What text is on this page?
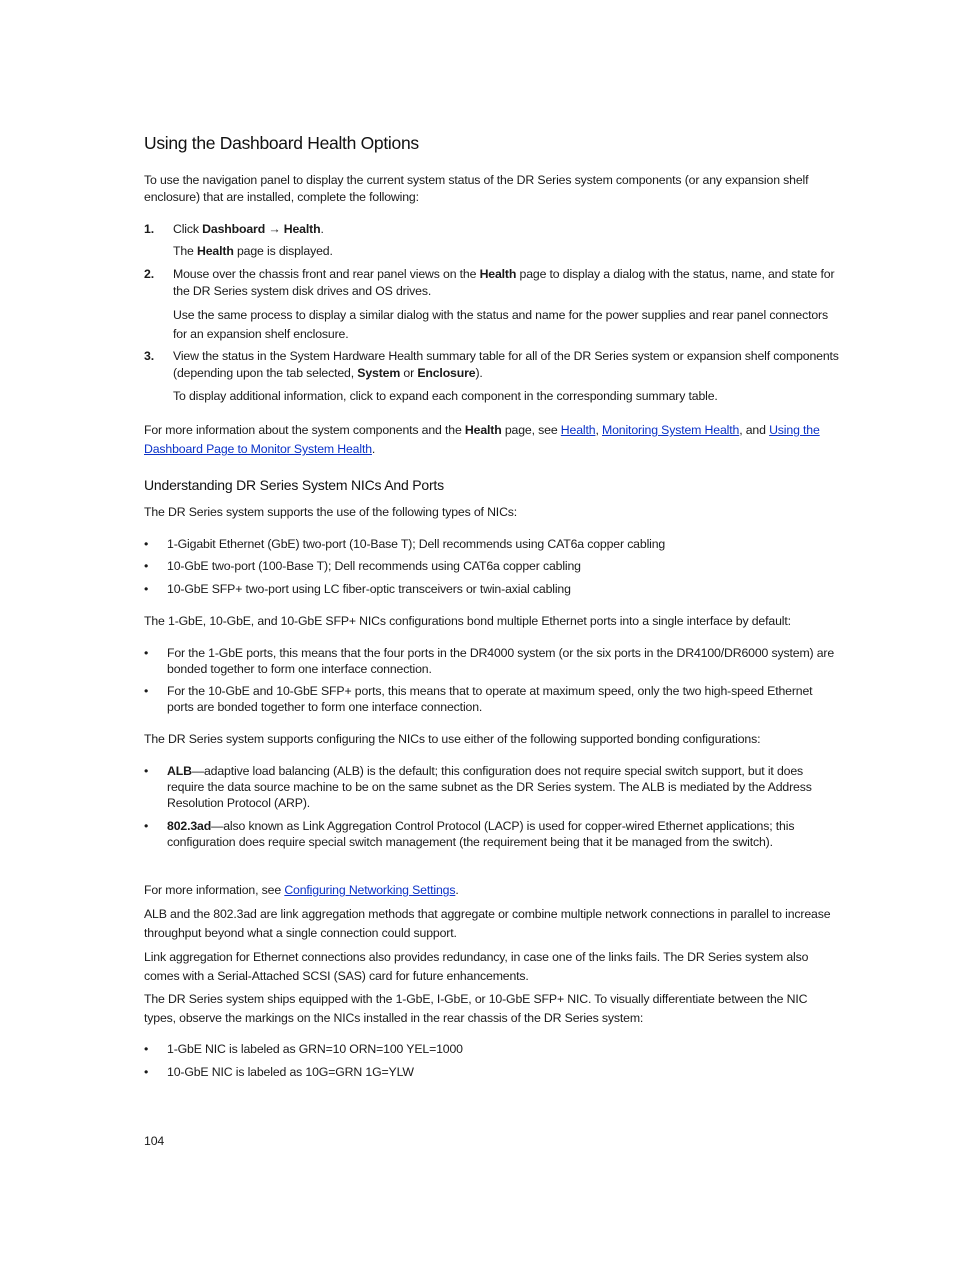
Using the Dashboard Health Options

To use the navigation panel to display the current system status of the DR Series system components (or any expansion shelf enclosure) that are installed, complete the following:

1. Click Dashboard → Health.
The Health page is displayed.
2. Mouse over the chassis front and rear panel views on the Health page to display a dialog with the status, name, and state for the DR Series system disk drives and OS drives.
Use the same process to display a similar dialog with the status and name for the power supplies and rear panel connectors for an expansion shelf enclosure.
3. View the status in the System Hardware Health summary table for all of the DR Series system or expansion shelf components (depending upon the tab selected, System or Enclosure).
To display additional information, click to expand each component in the corresponding summary table.

For more information about the system components and the Health page, see Health, Monitoring System Health, and Using the Dashboard Page to Monitor System Health.

Understanding DR Series System NICs And Ports

The DR Series system supports the use of the following types of NICs:

• 1-Gigabit Ethernet (GbE) two-port (10-Base T); Dell recommends using CAT6a copper cabling
• 10-GbE two-port (100-Base T); Dell recommends using CAT6a copper cabling
• 10-GbE SFP+ two-port using LC fiber-optic transceivers or twin-axial cabling

The 1-GbE, 10-GbE, and 10-GbE SFP+ NICs configurations bond multiple Ethernet ports into a single interface by default:

• For the 1-GbE ports, this means that the four ports in the DR4000 system (or the six ports in the DR4100/DR6000 system) are bonded together to form one interface connection.
• For the 10-GbE and 10-GbE SFP+ ports, this means that to operate at maximum speed, only the two high-speed Ethernet ports are bonded together to form one interface connection.

The DR Series system supports configuring the NICs to use either of the following supported bonding configurations:

• ALB—adaptive load balancing (ALB) is the default; this configuration does not require special switch support, but it does require the data source machine to be on the same subnet as the DR Series system. The ALB is mediated by the Address Resolution Protocol (ARP).
• 802.3ad—also known as Link Aggregation Control Protocol (LACP) is used for copper-wired Ethernet applications; this configuration does require special switch management (the requirement being that it be managed from the switch).

For more information, see Configuring Networking Settings.

ALB and the 802.3ad are link aggregation methods that aggregate or combine multiple network connections in parallel to increase throughput beyond what a single connection could support.

Link aggregation for Ethernet connections also provides redundancy, in case one of the links fails. The DR Series system also comes with a Serial-Attached SCSI (SAS) card for future enhancements.

The DR Series system ships equipped with the 1-GbE, I-GbE, or 10-GbE SFP+ NIC. To visually differentiate between the NIC types, observe the markings on the NICs installed in the rear chassis of the DR Series system:

• 1-GbE NIC is labeled as GRN=10 ORN=100 YEL=1000
• 10-GbE NIC is labeled as 10G=GRN 1G=YLW
104
